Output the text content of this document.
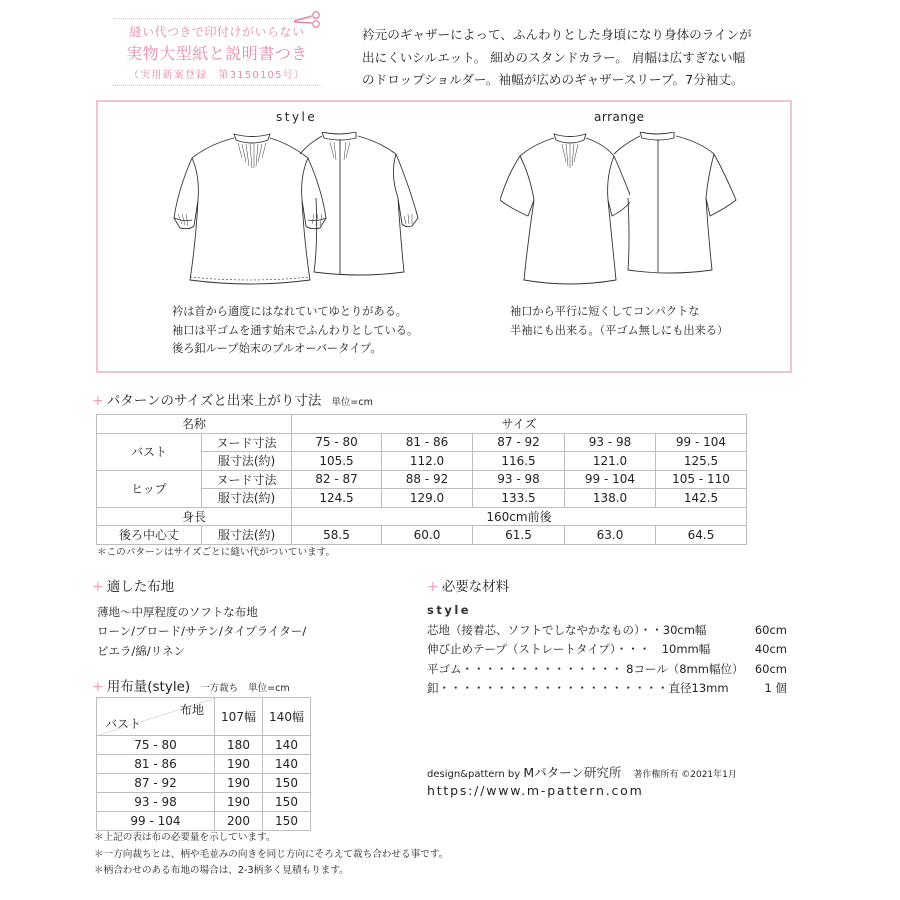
縫い代つきで印付けがいらない
実物大型紙と説明書つき
（実用新案登録　第3150105号）
衿元のギャザーによって、ふんわりとした身頃になり身体のラインが
出にくいシルエット。 細めのスタンドカラー。 肩幅は広すぎない幅
のドロップショルダー。袖幅が広めのギャザースリーブ。7分袖丈。
style	arrange
衿は首から適度にはなれていてゆとりがある。
袖口は平ゴムを通す始末でふんわりとしている。
後ろ釦ループ始末のプルオーバータイプ。
袖口から平行に短くしてコンパクトな
半袖にも出来る。（平ゴム無しにも出来る）
+ パターンのサイズと出来上がり寸法 単位=cm
名称		サイズ				
バスト	ヌード寸法	75 - 80	81 - 86	87 - 92	93 - 98	99 - 104
	服寸法(約)	105.5	112.0	116.5	121.0	125.5
ヒップ	ヌード寸法	82 - 87	88 - 92	93 - 98	99 - 104	105 - 110
	服寸法(約)	124.5	129.0	133.5	138.0	142.5
身長		160cm前後				
後ろ中心丈	服寸法(約)	58.5	60.0	61.5	63.0	64.5
＊このパターンはサイズごとに縫い代がついています。
+ 適した布地
薄地〜中厚程度のソフトな布地
ローン/ブロード/サテン/タイプライター/
ビエラ/綿/リネン
+ 用布量(style) 一方裁ち 単位=cm
布地
バスト	107幅	140幅
75 - 80	180	140
81 - 86	190	140
87 - 92	190	150
93 - 98	190	150
99 - 104	200	150
＊上記の表は布の必要量を示しています。
＊一方向裁ちとは、柄や毛並みの向きを同じ方向にそろえて裁ち合わせる事です。
＊柄合わせのある布地の場合は、2-3柄多く見積もります。
+ 必要な材料
style
芯地（接着芯、ソフトでしなやかなもの）・・30cm幅	60cm
伸び止めテープ（ストレートタイプ）・・・　10mm幅	40cm
平ゴム・・・・・・・・・・・・・・ 8コール（8mm幅位） 60cm
釦・・・・・・・・・・・・・・・・・・・・直径13mm	1 個
design&pattern by Mパターン研究所 著作権所有 ©2021年1月
https://www.m-pattern.com
